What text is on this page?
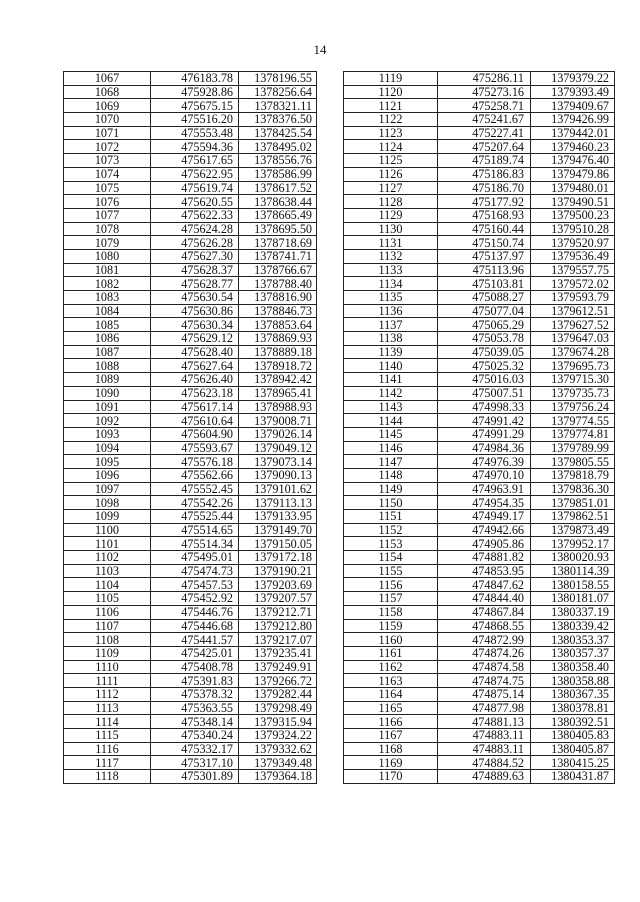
14
1067	476183.78	1378196.55
1068	475928.86	1378256.64
1069	475675.15	1378321.11
1070	475516.20	1378376.50
1071	475553.48	1378425.54
1072	475594.36	1378495.02
1073	475617.65	1378556.76
1074	475622.95	1378586.99
1075	475619.74	1378617.52
1076	475620.55	1378638.44
1077	475622.33	1378665.49
1078	475624.28	1378695.50
1079	475626.28	1378718.69
1080	475627.30	1378741.71
1081	475628.37	1378766.67
1082	475628.77	1378788.40
1083	475630.54	1378816.90
1084	475630.86	1378846.73
1085	475630.34	1378853.64
1086	475629.12	1378869.93
1087	475628.40	1378889.18
1088	475627.64	1378918.72
1089	475626.40	1378942.42
1090	475623.18	1378965.41
1091	475617.14	1378988.93
1092	475610.64	1379008.71
1093	475604.90	1379026.14
1094	475593.67	1379049.12
1095	475576.18	1379073.14
1096	475562.66	1379090.13
1097	475552.45	1379101.62
1098	475542.26	1379113.13
1099	475525.44	1379133.95
1100	475514.65	1379149.70
1101	475514.34	1379150.05
1102	475495.01	1379172.18
1103	475474.73	1379190.21
1104	475457.53	1379203.69
1105	475452.92	1379207.57
1106	475446.76	1379212.71
1107	475446.68	1379212.80
1108	475441.57	1379217.07
1109	475425.01	1379235.41
1110	475408.78	1379249.91
1111	475391.83	1379266.72
1112	475378.32	1379282.44
1113	475363.55	1379298.49
1114	475348.14	1379315.94
1115	475340.24	1379324.22
1116	475332.17	1379332.62
1117	475317.10	1379349.48
1118	475301.89	1379364.18
1119	475286.11	1379379.22
1120	475273.16	1379393.49
1121	475258.71	1379409.67
1122	475241.67	1379426.99
1123	475227.41	1379442.01
1124	475207.64	1379460.23
1125	475189.74	1379476.40
1126	475186.83	1379479.86
1127	475186.70	1379480.01
1128	475177.92	1379490.51
1129	475168.93	1379500.23
1130	475160.44	1379510.28
1131	475150.74	1379520.97
1132	475137.97	1379536.49
1133	475113.96	1379557.75
1134	475103.81	1379572.02
1135	475088.27	1379593.79
1136	475077.04	1379612.51
1137	475065.29	1379627.52
1138	475053.78	1379647.03
1139	475039.05	1379674.28
1140	475025.32	1379695.73
1141	475016.03	1379715.30
1142	475007.51	1379735.73
1143	474998.33	1379756.24
1144	474991.42	1379774.55
1145	474991.29	1379774.81
1146	474984.36	1379789.99
1147	474976.39	1379805.55
1148	474970.10	1379818.79
1149	474963.91	1379836.30
1150	474954.35	1379851.01
1151	474949.17	1379862.51
1152	474942.66	1379873.49
1153	474905.86	1379952.17
1154	474881.82	1380020.93
1155	474853.95	1380114.39
1156	474847.62	1380158.55
1157	474844.40	1380181.07
1158	474867.84	1380337.19
1159	474868.55	1380339.42
1160	474872.99	1380353.37
1161	474874.26	1380357.37
1162	474874.58	1380358.40
1163	474874.75	1380358.88
1164	474875.14	1380367.35
1165	474877.98	1380378.81
1166	474881.13	1380392.51
1167	474883.11	1380405.83
1168	474883.11	1380405.87
1169	474884.52	1380415.25
1170	474889.63	1380431.87
